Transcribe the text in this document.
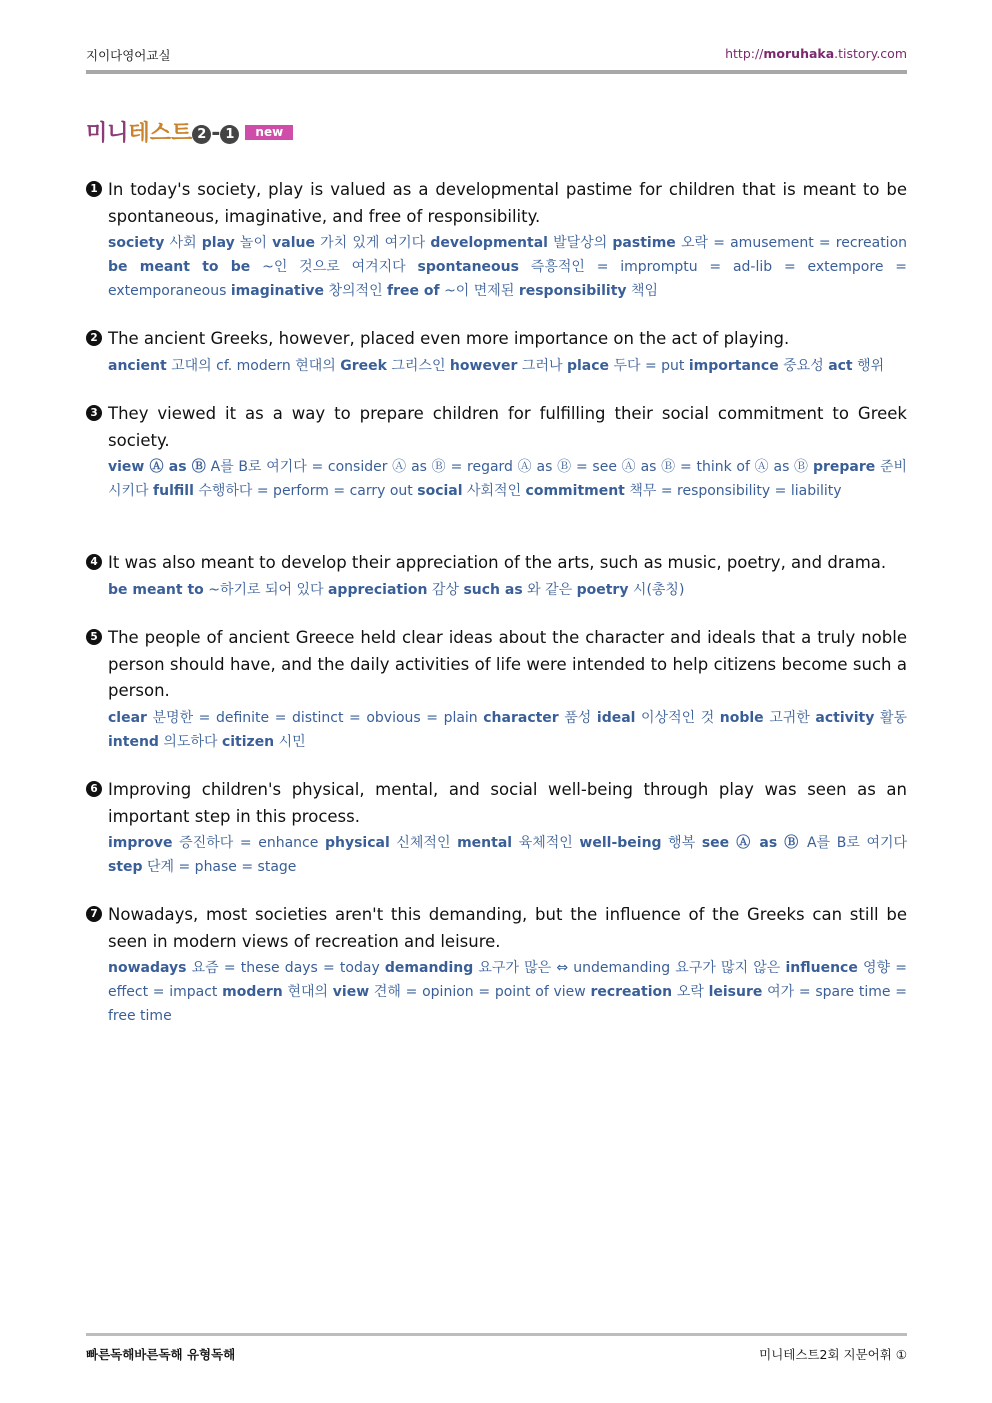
지이다영어교실	http://moruhaka.tistory.com
미니테스트 2 - 1 new
1 In today's society, play is valued as a developmental pastime for children that is meant to be spontaneous, imaginative, and free of responsibility.
society 사회 play 놀이 value 가치 있게 여기다 developmental 발달상의 pastime 오락 = amusement = recreation be meant to be ~인 것으로 여겨지다 spontaneous 즉흥적인 = impromptu = ad-lib = extempore = extemporaneous imaginative 창의적인 free of ~이 면제된 responsibility 책임
2 The ancient Greeks, however, placed even more importance on the act of playing.
ancient 고대의 cf. modern 현대의 Greek 그리스인 however 그러나 place 두다 = put importance 중요성 act 행위
3 They viewed it as a way to prepare children for fulfilling their social commitment to Greek society.
view Ⓐ as Ⓑ A를 B로 여기다 = consider Ⓐ as Ⓑ = regard Ⓐ as Ⓑ = see Ⓐ as Ⓑ = think of Ⓐ as Ⓑ prepare 준비시키다 fulfill 수행하다 = perform = carry out social 사회적인 commitment 책무 = responsibility = liability
4 It was also meant to develop their appreciation of the arts, such as music, poetry, and drama.
be meant to ~하기로 되어 있다 appreciation 감상 such as 와 같은 poetry 시(총칭)
5 The people of ancient Greece held clear ideas about the character and ideals that a truly noble person should have, and the daily activities of life were intended to help citizens become such a person.
clear 분명한 = definite = distinct = obvious = plain character 품성 ideal 이상적인 것 noble 고귀한 activity 활동 intend 의도하다 citizen 시민
6 Improving children's physical, mental, and social well-being through play was seen as an important step in this process.
improve 증진하다 = enhance physical 신체적인 mental 육체적인 well-being 행복 see Ⓐ as Ⓑ A를 B로 여기다 step 단계 = phase = stage
7 Nowadays, most societies aren't this demanding, but the influence of the Greeks can still be seen in modern views of recreation and leisure.
nowadays 요즘 = these days = today demanding 요구가 많은 ⇔ undemanding 요구가 많지 않은 influence 영향 = effect = impact modern 현대의 view 견해 = opinion = point of view recreation 오락 leisure 여가 = spare time = free time
빠른독해바른독해 유형독해	미니테스트2회 지문어휘 ①
